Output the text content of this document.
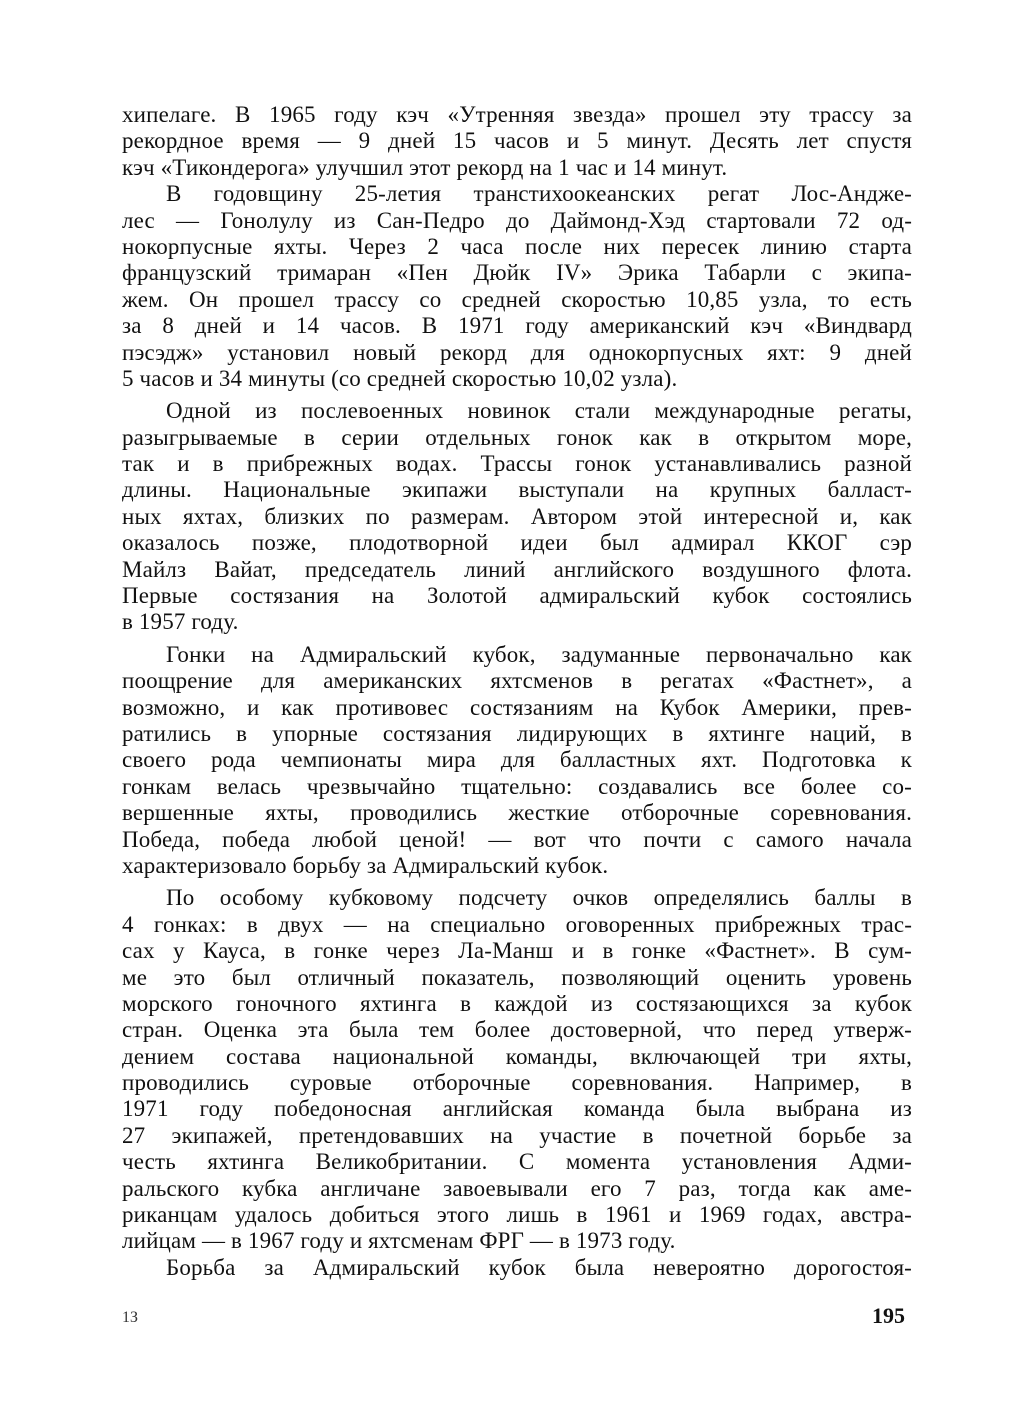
хипелаге. В 1965 году кэч «Утренняя звезда» прошел эту трассу за
рекордное время — 9 дней 15 часов и 5 минут. Десять лет спустя
кэч «Тикондерога» улучшил этот рекорд на 1 час и 14 минут.
В годовщину 25-летия транстихоокеанских регат Лос-Андже-
лес — Гонолулу из Сан-Педро до Даймонд-Хэд стартовали 72 од-
нокорпусные яхты. Через 2 часа после них пересек линию старта
французский тримаран «Пен Дюйк IV» Эрика Табарли с экипа-
жем. Он прошел трассу со средней скоростью 10,85 узла, то есть
за 8 дней и 14 часов. В 1971 году американский кэч «Виндвард
пэсэдж» установил новый рекорд для однокорпусных яхт: 9 дней
5 часов и 34 минуты (со средней скоростью 10,02 узла).
Одной из послевоенных новинок стали международные регаты,
разыгрываемые в серии отдельных гонок как в открытом море,
так и в прибрежных водах. Трассы гонок устанавливались разной
длины. Национальные экипажи выступали на крупных балласт-
ных яхтах, близких по размерам. Автором этой интересной и, как
оказалось позже, плодотворной идеи был адмирал ККОГ сэр
Майлз Вайат, председатель линий английского воздушного флота.
Первые состязания на Золотой адмиральский кубок состоялись
в 1957 году.
Гонки на Адмиральский кубок, задуманные первоначально как
поощрение для американских яхтсменов в регатах «Фастнет», а
возможно, и как противовес состязаниям на Кубок Америки, прев-
ратились в упорные состязания лидирующих в яхтинге наций, в
своего рода чемпионаты мира для балластных яхт. Подготовка к
гонкам велась чрезвычайно тщательно: создавались все более со-
вершенные яхты, проводились жесткие отборочные соревнования.
Победа, победа любой ценой! — вот что почти с самого начала
характеризовало борьбу за Адмиральский кубок.
По особому кубковому подсчету очков определялись баллы в
4 гонках: в двух — на специально оговоренных прибрежных трас-
сах у Кауса, в гонке через Ла-Манш и в гонке «Фастнет». В сум-
ме это был отличный показатель, позволяющий оценить уровень
морского гоночного яхтинга в каждой из состязающихся за кубок
стран. Оценка эта была тем более достоверной, что перед утверж-
дением состава национальной команды, включающей три яхты,
проводились суровые отборочные соревнования. Например, в
1971 году победоносная английская команда была выбрана из
27 экипажей, претендовавших на участие в почетной борьбе за
честь яхтинга Великобритании. С момента установления Адми-
ральского кубка англичане завоевывали его 7 раз, тогда как аме-
риканцам удалось добиться этого лишь в 1961 и 1969 годах, австра-
лийцам — в 1967 году и яхтсменам ФРГ — в 1973 году.
Борьба за Адмиральский кубок была невероятно дорогостоя-
1З	195
